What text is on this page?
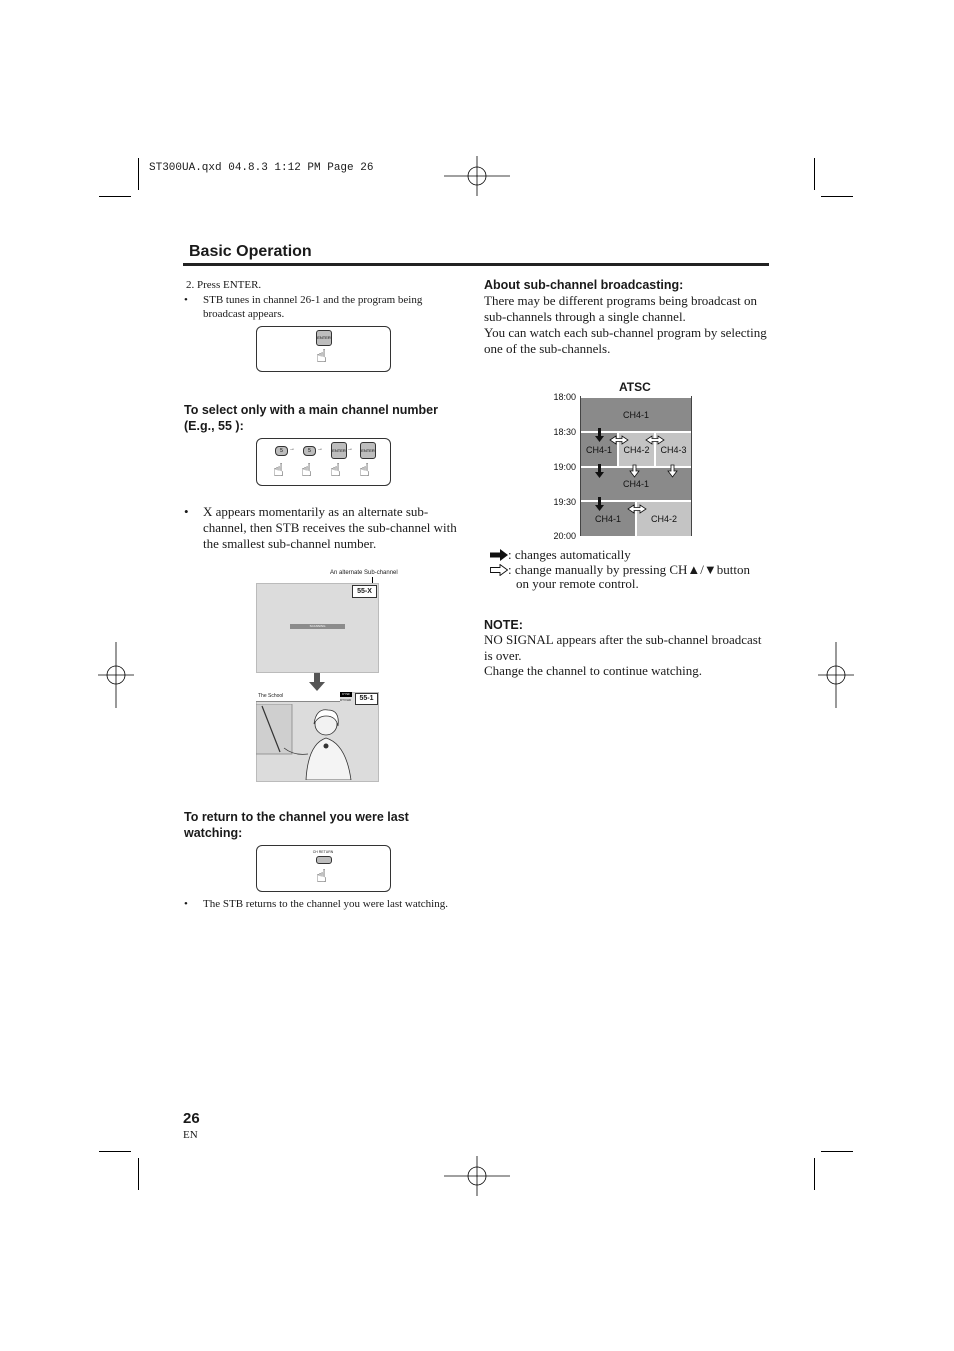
ST300UA.qxd 04.8.3 1:12 PM Page 26
Basic Operation
2. Press ENTER.
• STB tunes in channel 26-1 and the program being broadcast appears.
ENTER
☝
To select only with a main channel number (E.g., 55 ):
5	→	5	→	ENTER →	ENTER
☝ ☝ ☝ ☝
• X appears momentarily as an alternate sub-channel, then STB receives the sub-channel with the smallest sub-channel number.
An alternate Sub-channel
55-X
SCANNING
The School	KYSF
DTV/HD	55-1
To return to the channel you were last watching:
CH RETURN
☝
• The STB returns to the channel you were last watching.
About sub-channel broadcasting:
There may be different programs being broadcast on sub-channels through a single channel.
You can watch each sub-channel program by selecting one of the sub-channels.
ATSC
18:00
18:30
19:00
19:30
20:00
CH4-1
CH4-1	CH4-2	CH4-3
CH4-1
CH4-1	CH4-2
: changes automatically
: change manually by pressing CH▲/▼button
on your remote control.
NOTE:
NO SIGNAL appears after the sub-channel broadcast is over.
Change the channel to continue watching.
26
EN
